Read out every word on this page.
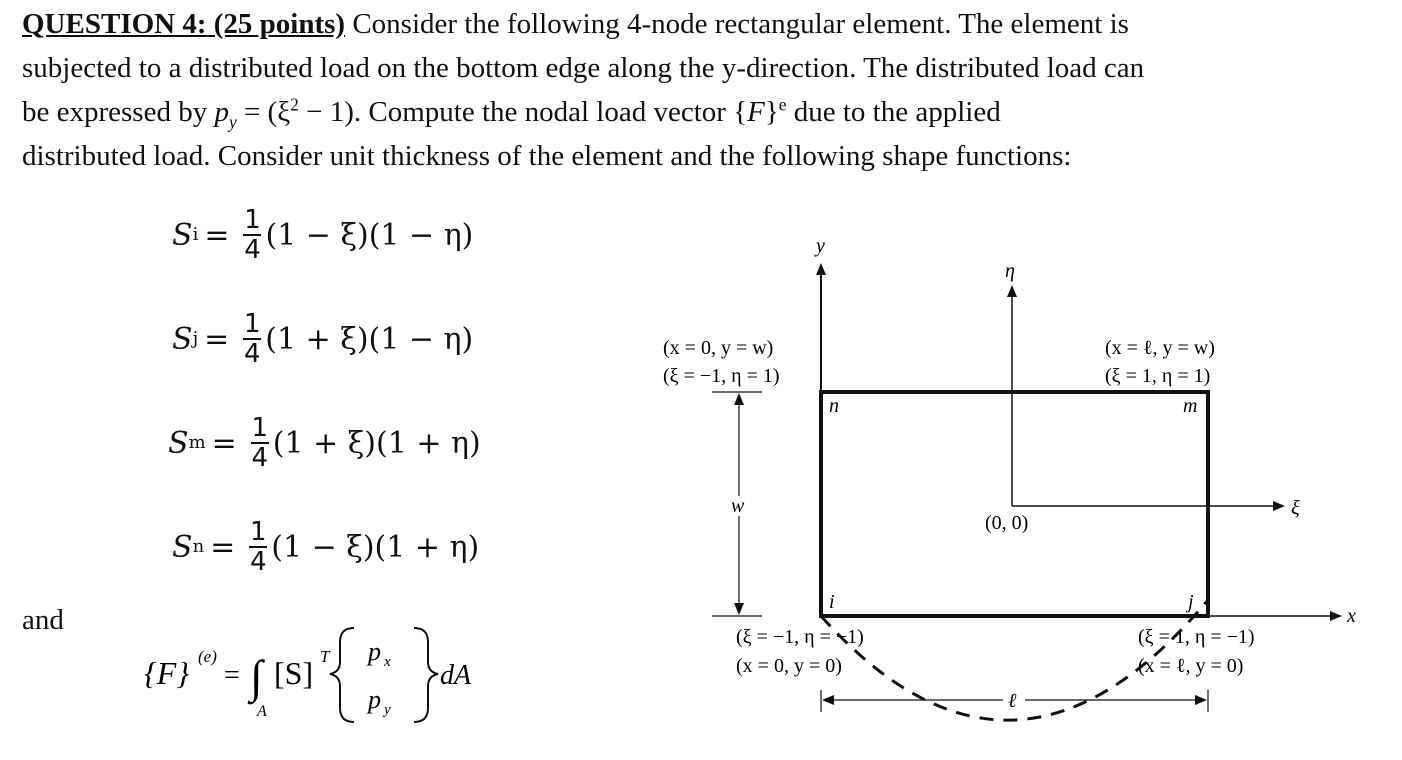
QUESTION 4: (25 points) Consider the following 4-node rectangular element. The element is
subjected to a distributed load on the bottom edge along the y-direction. The distributed load can
be expressed by $p_y = (\xi^2 - 1)$. Compute the nodal load vector $\{F\}^e$ due to the applied
distributed load. Consider unit thickness of the element and the following shape functions:
S $i = \frac{1}{4} (1 - \xi)(1 - \eta)$
S $j = \frac{1}{4} (1 + \xi)(1 - \eta)$
S $m = \frac{1}{4} (1 + \xi)(1 + \eta)$
S $n = \frac{1}{4} (1 - \xi)(1 + \eta)$
and
{F} (e)
= ∫
A
[S] T p x
p y
dA
y
x
η
ξ
(0, 0)
n	m
i	j
(x = 0, y = w)
(ξ = −1, η = 1)
(x = ℓ, y = w)
(ξ = 1, η = 1)
(ξ = −1, η = −1)
(x = 0, y = 0)
(ξ = 1, η = −1)
(x = ℓ, y = 0)
w
ℓ
